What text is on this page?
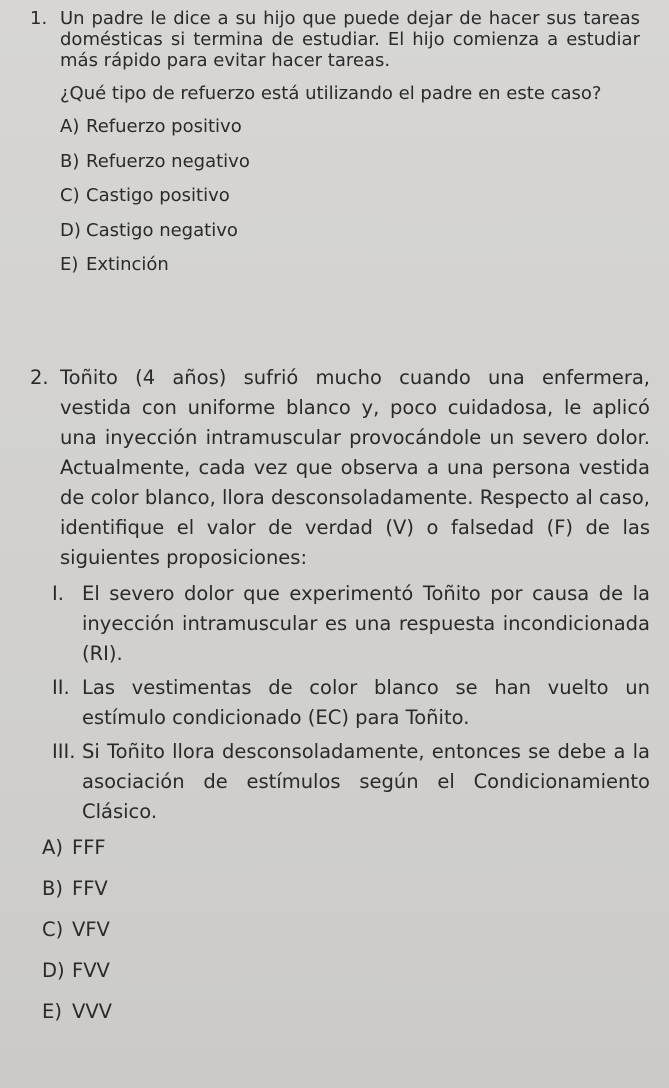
1. Un padre le dice a su hijo que puede dejar de hacer sus tareas domésticas si termina de estudiar. El hijo comienza a estudiar más rápido para evitar hacer tareas.
¿Qué tipo de refuerzo está utilizando el padre en este caso?
A) Refuerzo positivo
B) Refuerzo negativo
C) Castigo positivo
D) Castigo negativo
E) Extinción
2. Toñito (4 años) sufrió mucho cuando una enfermera, vestida con uniforme blanco y, poco cuidadosa, le aplicó una inyección intramuscular provocándole un severo dolor. Actualmente, cada vez que observa a una persona vestida de color blanco, llora desconsoladamente. Respecto al caso, identifique el valor de verdad (V) o falsedad (F) de las siguientes proposiciones:
I. El severo dolor que experimentó Toñito por causa de la inyección intramuscular es una respuesta incondicionada (RI).
II. Las vestimentas de color blanco se han vuelto un estímulo condicionado (EC) para Toñito.
III. Si Toñito llora desconsoladamente, entonces se debe a la asociación de estímulos según el Condicionamiento Clásico.
A) FFF
B) FFV
C) VFV
D) FVV
E) VVV
